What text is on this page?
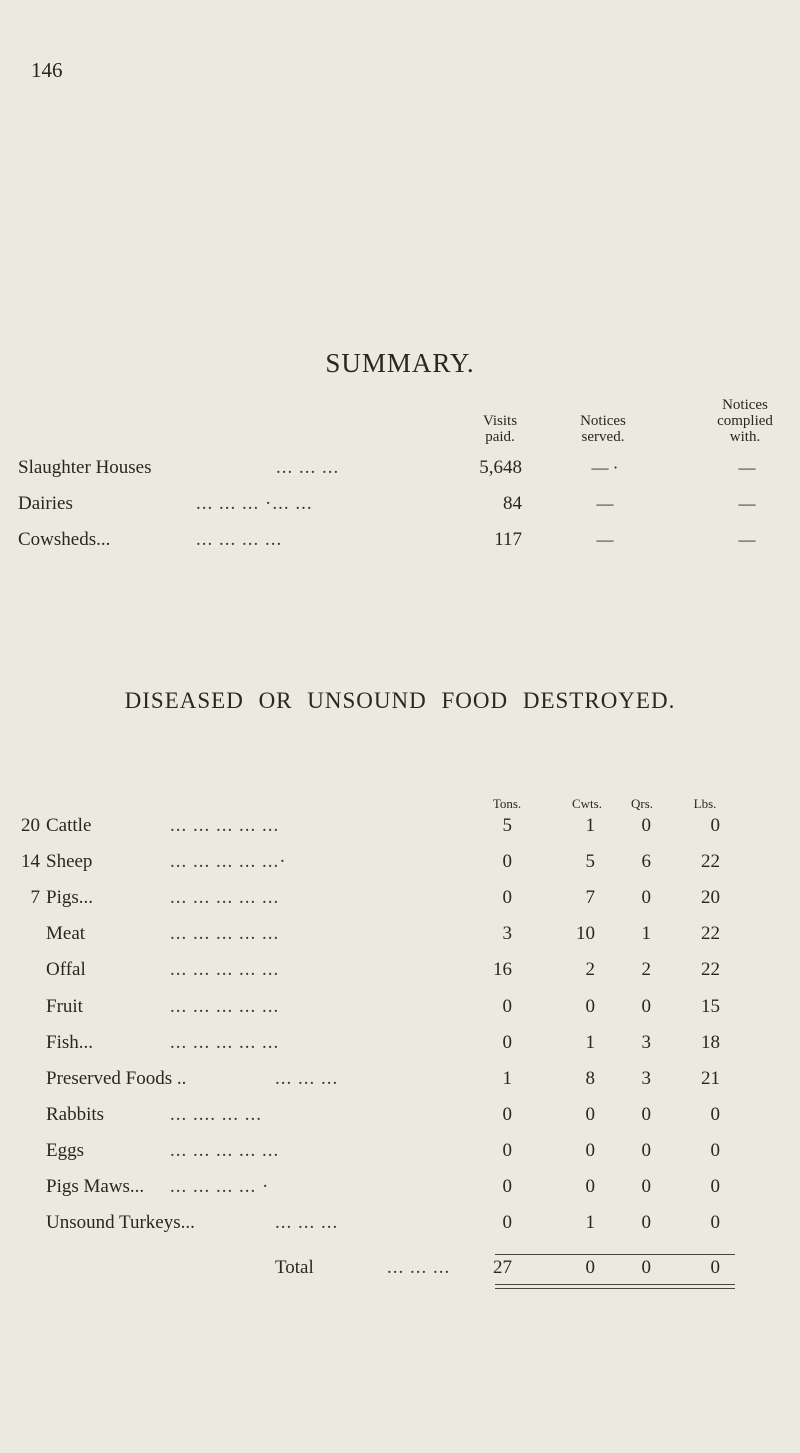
146
SUMMARY.
Visits
paid.
Notices
served.
Notices
complied
with.
Slaughter Houses	... ... ...	5,648	— ·	—
Dairies	... ... ... ·... ...	84	—	—
Cowsheds...	... ... ... ...	117	—	—
DISEASED OR UNSOUND FOOD DESTROYED.
Tons.	Cwts.	Qrs.	Lbs.
20 Cattle	... ... ... ... ...	5	1	0	0
14 Sheep	... ... ... ... ...·	0	5	6	22
7 Pigs...	... ... ... ... ...	0	7	0	20
Meat	... ... ... ... ...	3	10	1	22
Offal	... ... ... ... ...	16	2	2	22
Fruit	... ... ... ... ...	0	0	0	15
Fish...	... ... ... ... ...	0	1	3	18
Preserved Foods ..	... ... ...	1	8	3	21
Rabbits	... .... ... ...	0	0	0	0
Eggs	... ... ... ... ...	0	0	0	0
Pigs Maws... ... ... ... ... ·	0	0	0	0
Unsound Turkeys...	... ... ...	0	1	0	0
Total	... ... ...	27	0	0	0
